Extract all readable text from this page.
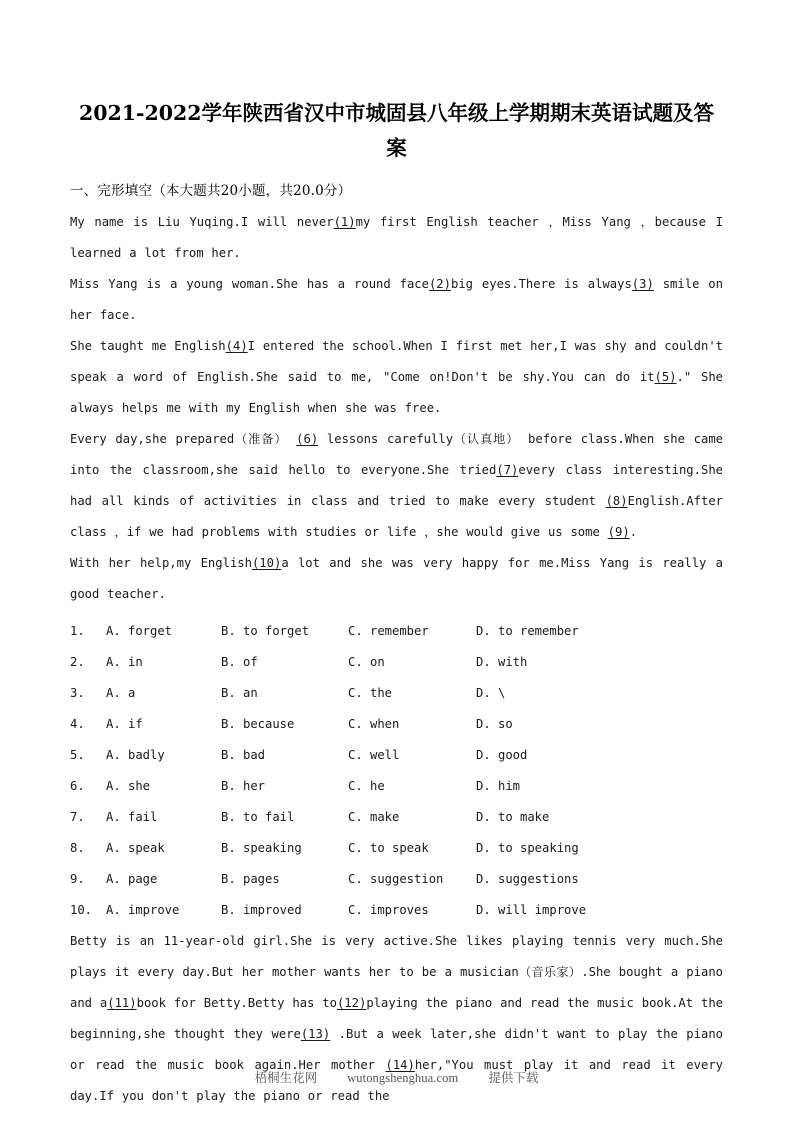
2021-2022学年陕西省汉中市城固县八年级上学期期末英语试题及答案
一、完形填空（本大题共20小题，共20.0分）

My name is Liu Yuqing.I will never(1)my first English teacher ，Miss Yang ，because I learned a lot from her.

Miss Yang is a young woman.She has a round face(2)big eyes.There is always(3) smile on her face.

She taught me English(4)I entered the school.When I first met her,I was shy and couldn't speak a word of English.She said to me, "Come on!Don't be shy.You can do it(5)." She always helps me with my English when she was free.

Every day,she prepared（准备） (6) lessons carefully（认真地） before class.When she came into the classroom,she said hello to everyone.She tried(7)every class interesting.She had all kinds of activities in class and tried to make every student (8)English.After class ，if we had problems with studies or life ，she would give us some (9).

With her help,my English(10)a lot and she was very happy for me.Miss Yang is really a good teacher.

1. A. forget	B. to forget	C. remember	D. to remember
2. A. in	B. of	C. on	D. with
3. A. a	B. an	C. the	D. \
4. A. if	B. because	C. when	D. so
5. A. badly	B. bad	C. well	D. good
6. A. she	B. her	C. he	D. him
7. A. fail	B. to fail	C. make	D. to make
8. A. speak	B. speaking	C. to speak	D. to speaking
9. A. page	B. pages	C. suggestion	D. suggestions
10. A. improve	B. improved	C. improves	D. will improve

Betty is an 11-year-old girl.She is very active.She likes playing tennis very much.She plays it every day.But her mother wants her to be a musician（音乐家）.She bought a piano and a(11)book for Betty.Betty has to(12)playing the piano and read the music book.At the beginning,she thought they were(13) .But a week later,she didn't want to play the piano or read the music book again.Her mother (14)her,"You must play it and read it every day.If you don't play the piano or read the

梧桐生花网 wutongshenghua.com 提供下载
